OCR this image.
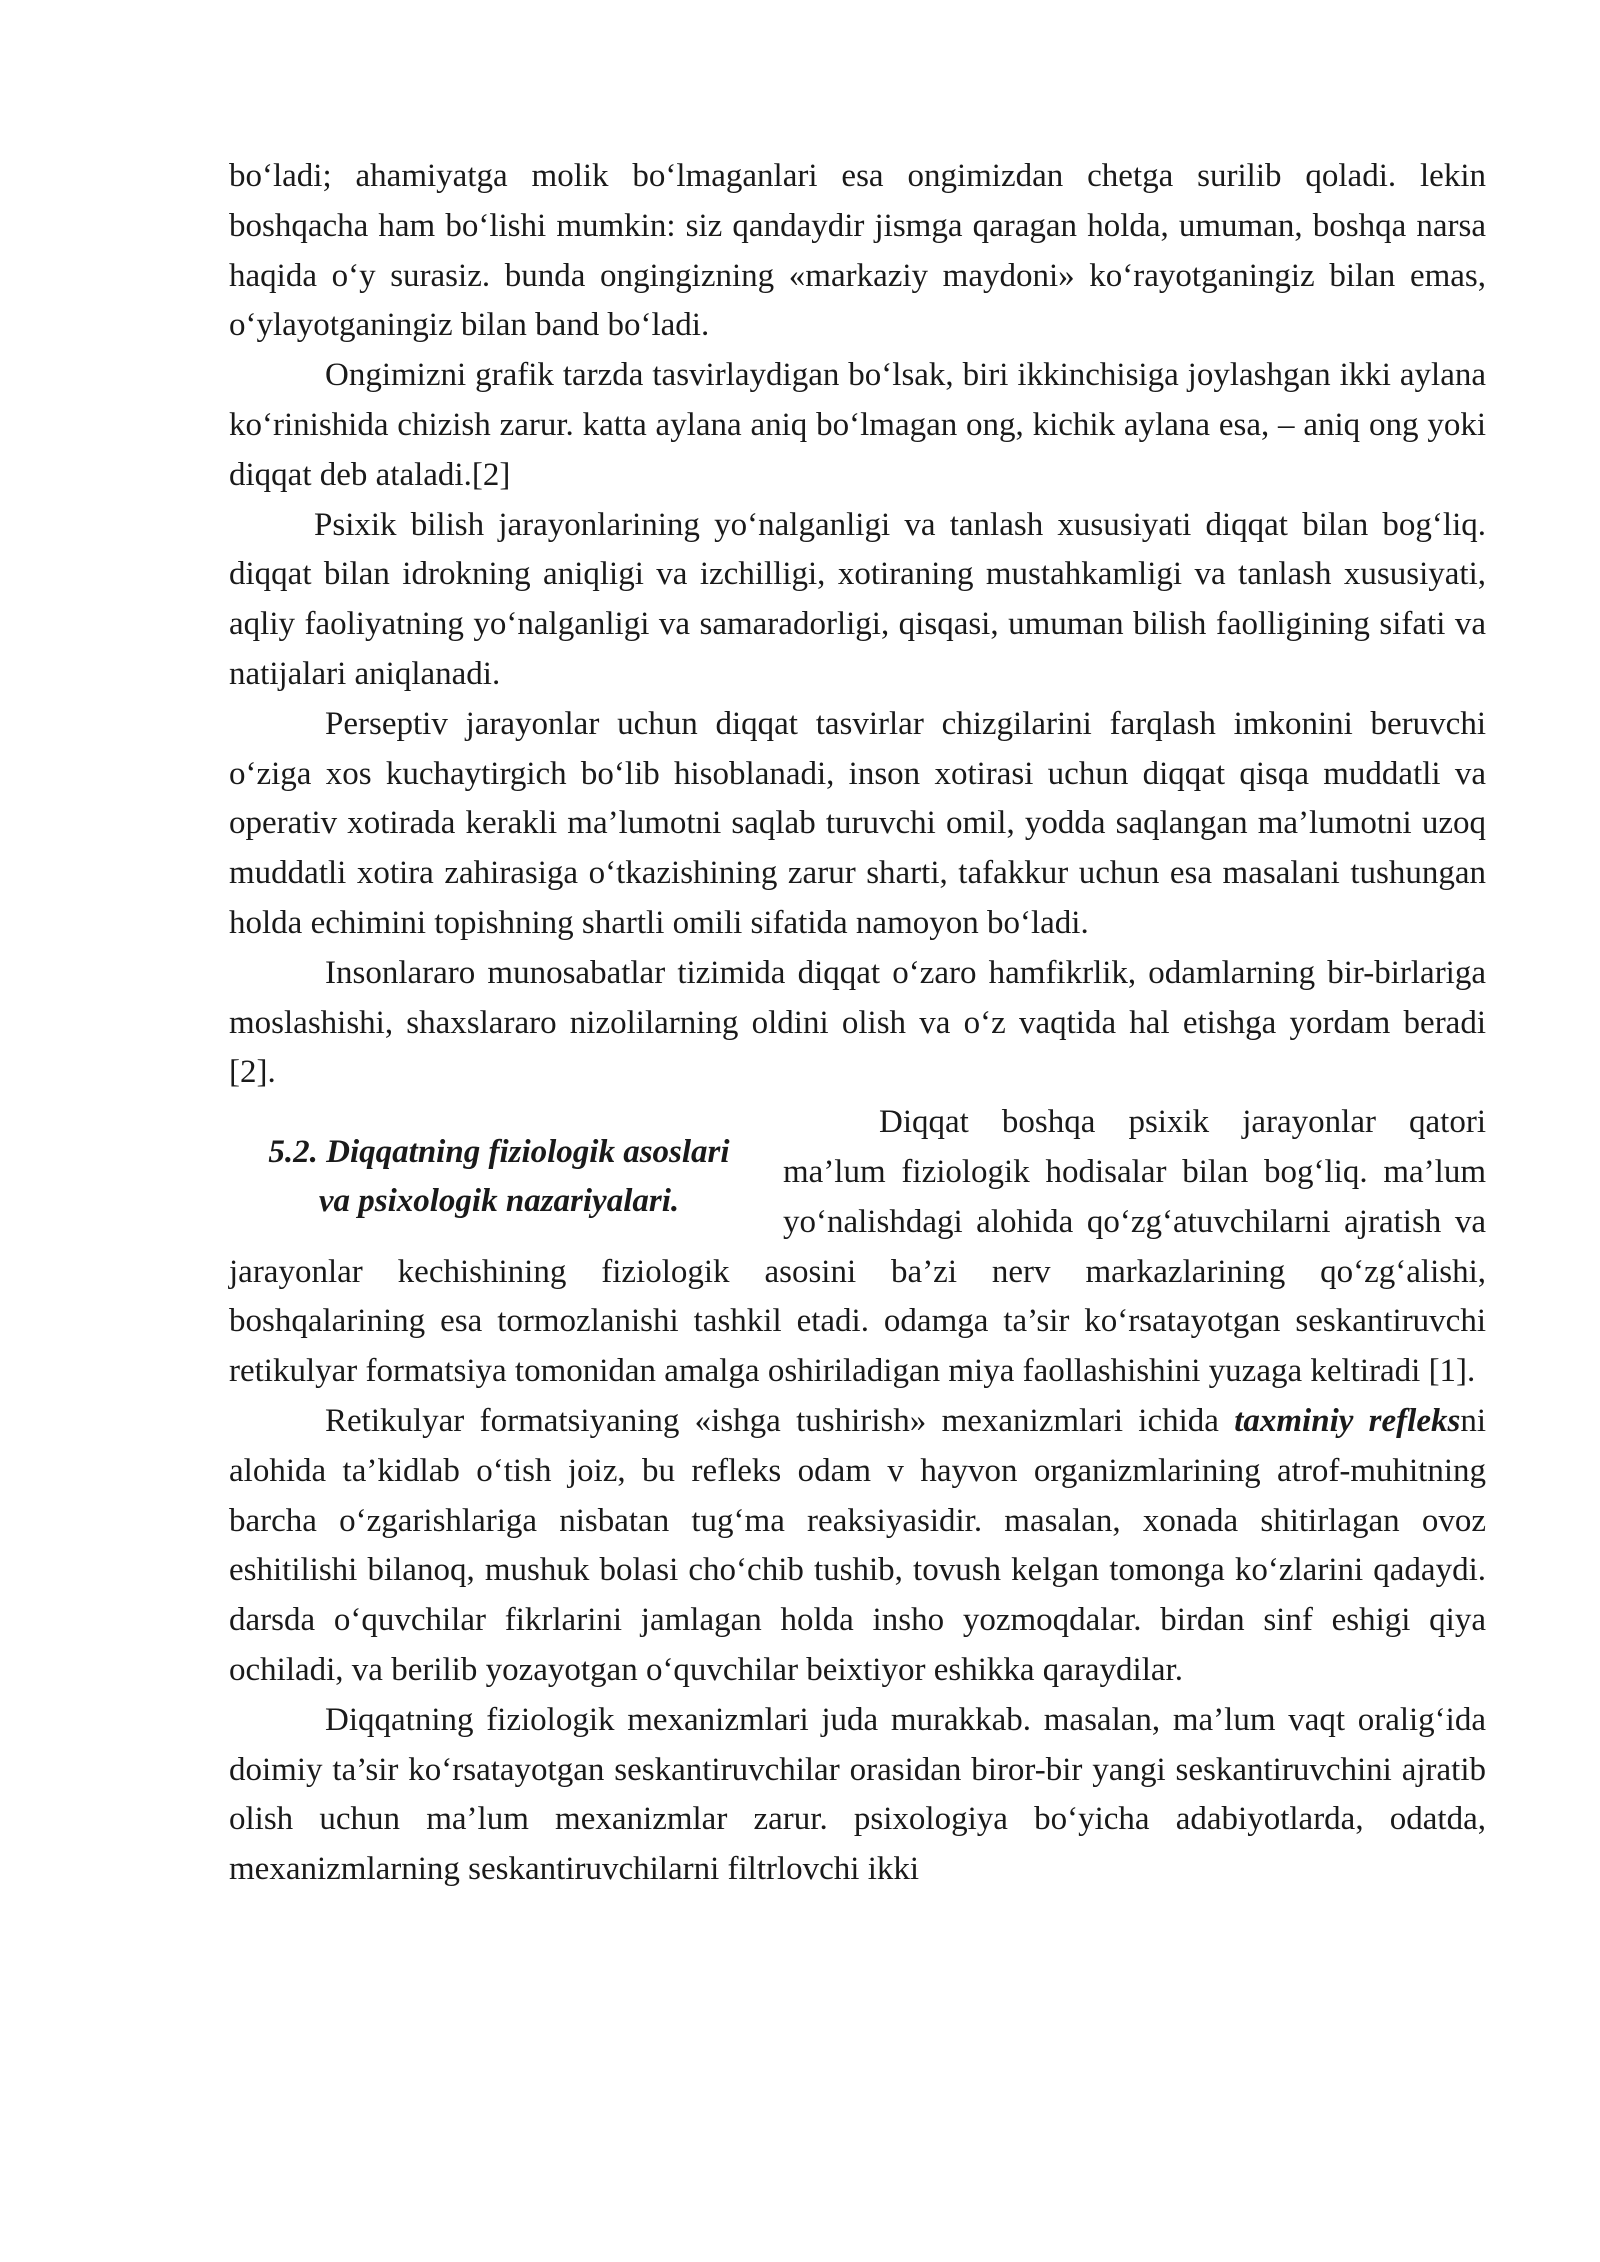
bo‘ladi; ahamiyatga molik bo‘lmaganlari esa ongimizdan chetga surilib qoladi. lekin boshqacha ham bo‘lishi mumkin: siz qandaydir jismga qaragan holda, umuman, boshqa narsa haqida o‘y surasiz. bunda ongingizning «markaziy maydoni» ko‘rayotganingiz bilan emas, o‘ylayotganingiz bilan band bo‘ladi.

Ongimizni grafik tarzda tasvirlaydigan bo‘lsak, biri ikkinchisiga joylashgan ikki aylana ko‘rinishida chizish zarur. katta aylana aniq bo‘lmagan ong, kichik aylana esa, – aniq ong yoki diqqat deb ataladi.[2]

Psixik bilish jarayonlarining yo‘nalganligi va tanlash xususiyati diqqat bilan bog‘liq. diqqat bilan idrokning aniqligi va izchilligi, xotiraning mustahkamligi va tanlash xususiyati, aqliy faoliyatning yo‘nalganligi va samaradorligi, qisqasi, umuman bilish faolligining sifati va natijalari aniqlanadi.

Perseptiv jarayonlar uchun diqqat tasvirlar chizgilarini farqlash imkonini beruvchi o‘ziga xos kuchaytirgich bo‘lib hisoblanadi, inson xotirasi uchun diqqat qisqa muddatli va operativ xotirada kerakli ma’lumotni saqlab turuvchi omil, yodda saqlangan ma’lumotni uzoq muddatli xotira zahirasiga o‘tkazishining zarur sharti, tafakkur uchun esa masalani tushungan holda echimini topishning shartli omili sifatida namoyon bo‘ladi.

Insonlararo munosabatlar tizimida diqqat o‘zaro hamfikrlik, odamlarning bir-birlariga moslashishi, shaxslararo nizolilarning oldini olish va o‘z vaqtida hal etishga yordam beradi [2].

5.2. Diqqatning fiziologik asoslari
va psixologik nazariyalari.

Diqqat boshqa psixik jarayonlar qatori ma’lum fiziologik hodisalar bilan bog‘liq. ma’lum yo‘nalishdagi alohida qo‘zg‘atuvchilarni ajratish va jarayonlar kechishining fiziologik asosini ba’zi nerv markazlarining qo‘zg‘alishi, boshqalarining esa tormozlanishi tashkil etadi. odamga ta’sir ko‘rsatayotgan seskantiruvchi retikulyar formatsiya tomonidan amalga oshiriladigan miya faollashishini yuzaga keltiradi [1].

Retikulyar formatsiyaning «ishga tushirish» mexanizmlari ichida taxminiy refleksni alohida ta’kidlab o‘tish joiz, bu refleks odam v hayvon organizmlarining atrof-muhitning barcha o‘zgarishlariga nisbatan tug‘ma reaksiyasidir. masalan, xonada shitirlagan ovoz eshitilishi bilanoq, mushuk bolasi cho‘chib tushib, tovush kelgan tomonga ko‘zlarini qadaydi. darsda o‘quvchilar fikrlarini jamlagan holda insho yozmoqdalar. birdan sinf eshigi qiya ochiladi, va berilib yozayotgan o‘quvchilar beixtiyor eshikka qaraydilar.

Diqqatning fiziologik mexanizmlari juda murakkab. masalan, ma’lum vaqt oralig‘ida doimiy ta’sir ko‘rsatayotgan seskantiruvchilar orasidan biror-bir yangi seskantiruvchini ajratib olish uchun ma’lum mexanizmlar zarur. psixologiya bo‘yicha adabiyotlarda, odatda, mexanizmlarning seskantiruvchilarni filtrlovchi ikki
